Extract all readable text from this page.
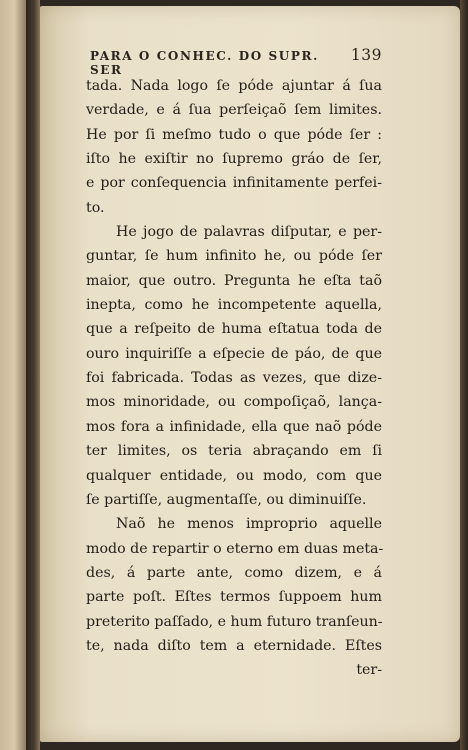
PARA O CONHEC. DO SUPR. SER
139
tada. Nada logo ſe póde ajuntar á ſua
verdade, e á ſua perſeiçaõ ſem limites.
He por ſi meſmo tudo o que póde ſer :
iſto he exiſtir no ſupremo gráo de ſer,
e por conſequencia infinitamente perfei-
to.
He jogo de palavras diſputar, e per-
guntar, ſe hum infinito he, ou póde ſer
maior, que outro. Pregunta he eſta taõ
inepta, como he incompetente aquella,
que a reſpeito de huma eſtatua toda de
ouro inquiriſſe a eſpecie de páo, de que
foi fabricada. Todas as vezes, que dize-
mos minoridade, ou compoſiçaõ, lança-
mos fora a infinidade, ella que naõ póde
ter limites, os teria abraçando em ſi
qualquer entidade, ou modo, com que
ſe partiſſe, augmentaſſe, ou diminuiſſe.
Naõ he menos improprio aquelle
modo de repartir o eterno em duas meta-
des, á parte ante, como dizem, e á
parte poſt. Eſtes termos ſuppoem hum
preterito paſſado, e hum futuro tranſeun-
te, nada diſto tem a eternidade. Eſtes
ter-
